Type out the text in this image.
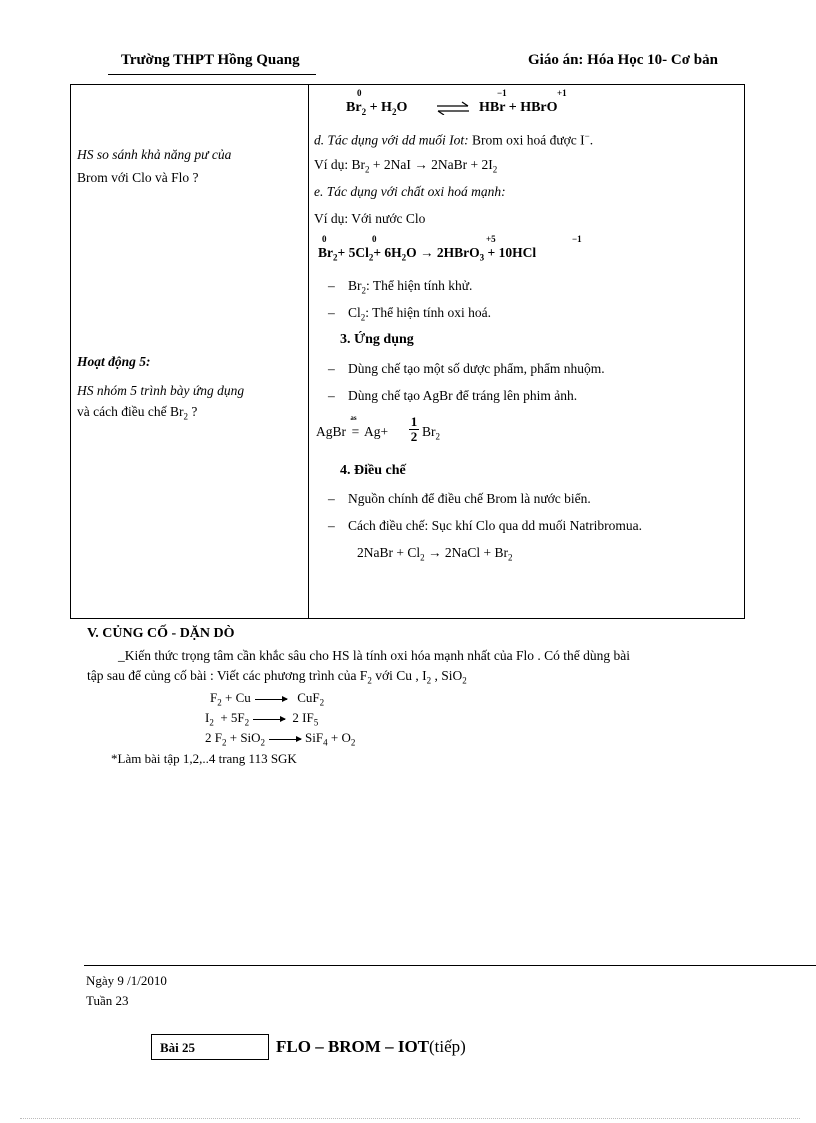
Trường THPT Hồng Quang	Giáo án: Hóa Học 10- Cơ bản
HS so sánh khả năng pư của
Brom với Clo và Flo ?
Hoạt động 5:
HS nhóm 5 trình bày ứng dụng
và cách điều chế $Br_2$ ?
0
$Br_2 + H_2O$
−1	+1
HBr + HBrO
d. Tác dụng với dd muối Iot: Brom oxi hoá được I−.
Ví dụ: $Br_2 + 2NaI$ → 2NaBr + $2I_2$
e. Tác dụng với chất oxi hoá mạnh:
Ví dụ: Với nước Clo
0	0	+5	−1
$Br_2+ 5Cl_2+ 6H_2O$ → 2HBrO$_3$ + 10HCl
– $Br_2$: Thể hiện tính khử.
– $Cl_2$: Thể hiện tính oxi hoá.
3. Ứng dụng
– Dùng chế tạo một số dược phẩm, phẩm nhuộm.
– Dùng chế tạo AgBr để tráng lên phim ảnh.
AgBr
as
= $Ag+ \frac{1}{2} Br_2$
4. Điều chế
– Nguồn chính để điều chế Brom là nước biển.
– Cách điều chế: Sục khí Clo qua dd muối Natribromua.
2NaBr + $Cl_2$ → 2NaCl + $Br_2$
V. CỦNG CỐ - DẶN DÒ
_Kiến thức trọng tâm cần khắc sâu cho HS là tính oxi hóa mạnh nhất của Flo . Có thể dùng bài
tập sau để củng cố bài : Viết các phương trình của $F_2$ với Cu , $I_2$ , SiO$_2$
$F_2 + Cu$	CuF$_2$
$I_2 + 5F_2$	2 $IF_5$
2 $F_2 + SiO_2$	$SiF_4 + O_2$
*Làm bài tập 1,2,..4 trang 113 SGK
Ngày 9 /1/2010
Tuần 23
Bài 25	FLO – BROM – IOT(tiếp)
